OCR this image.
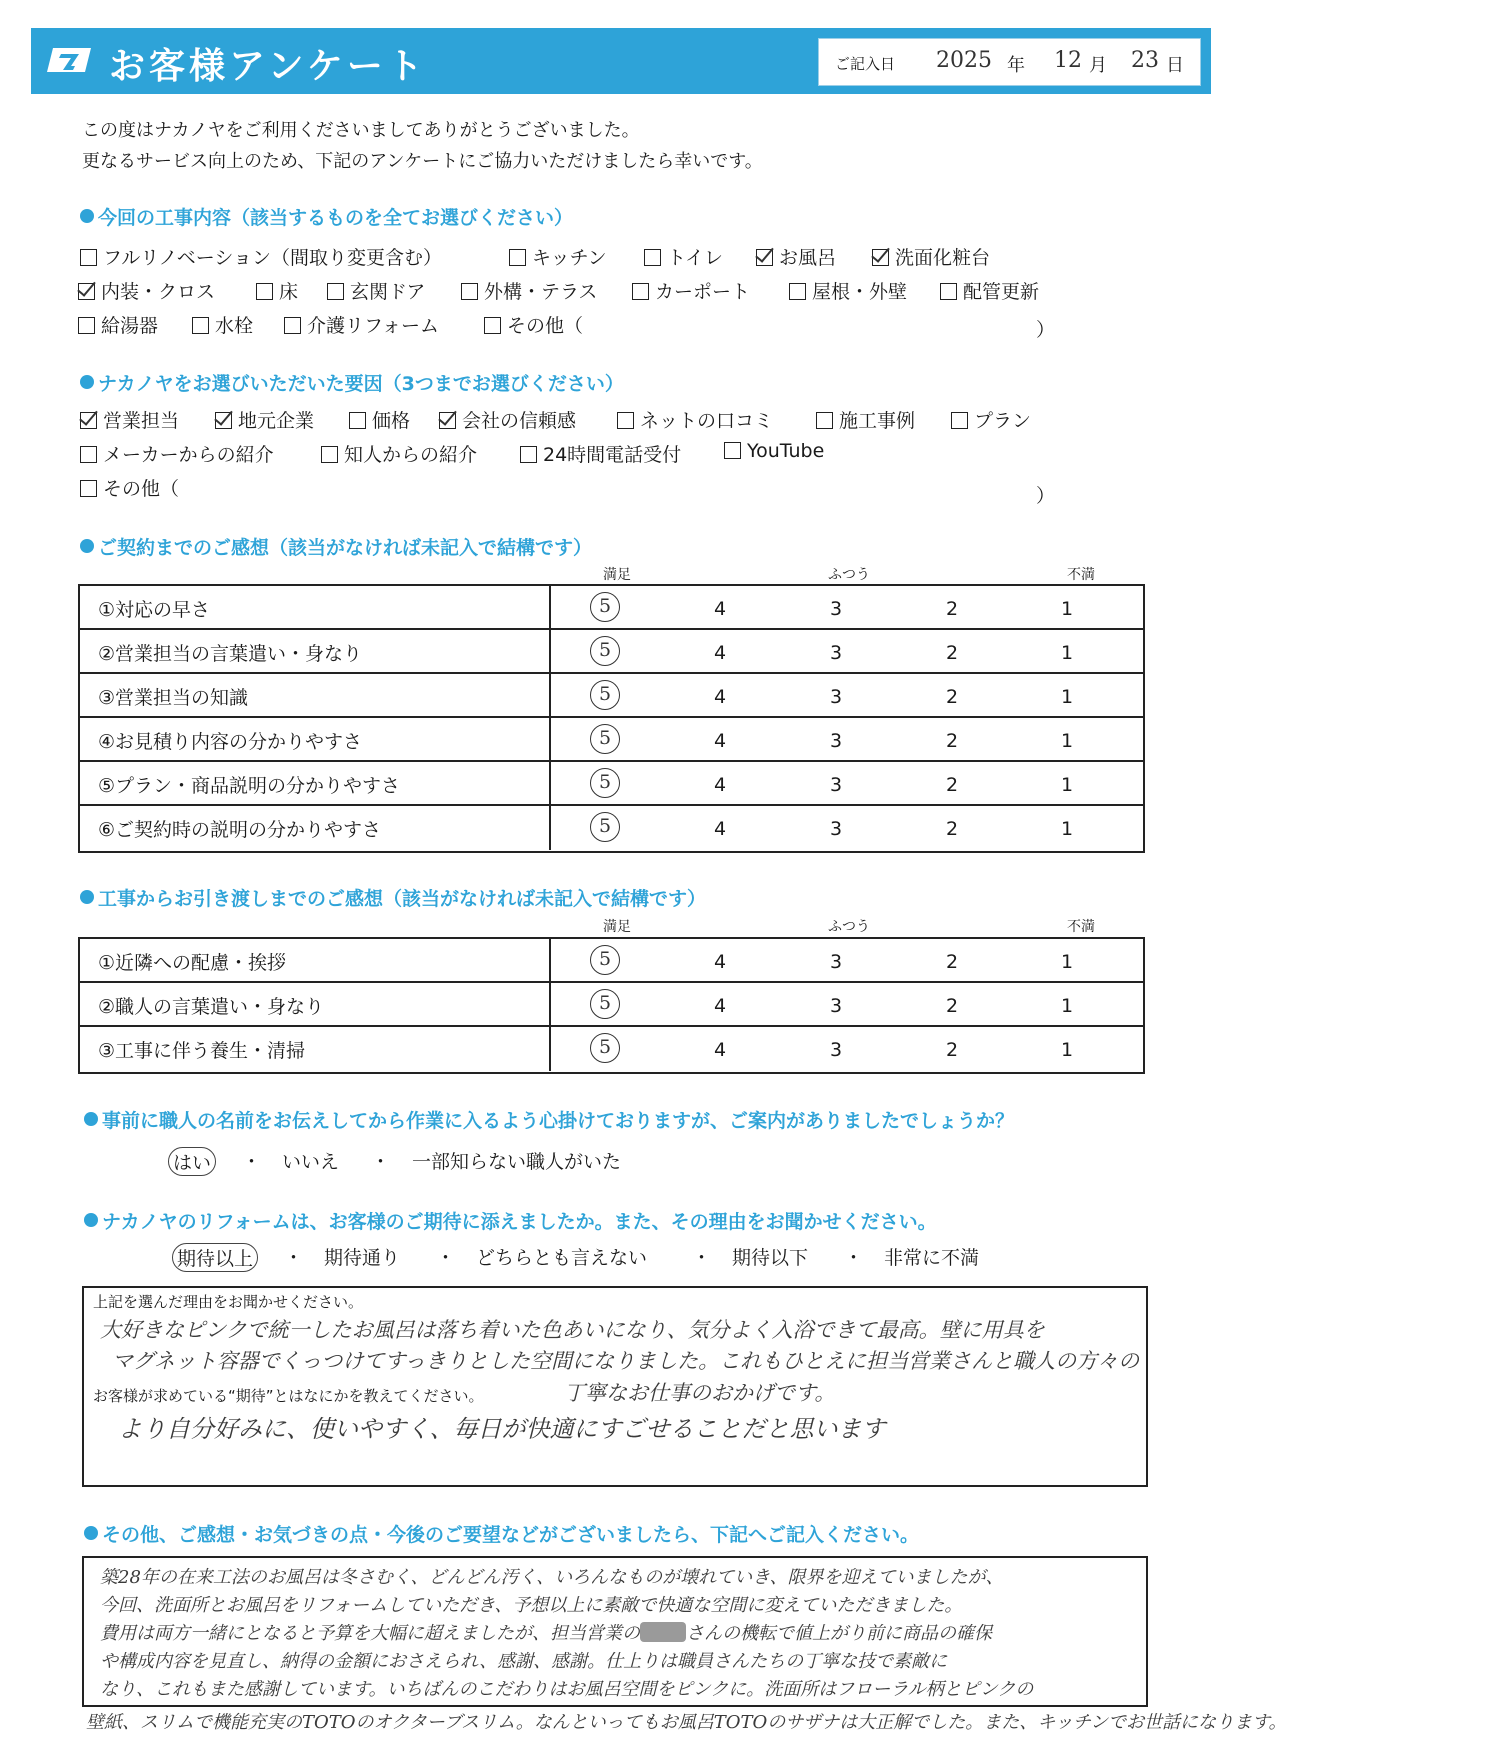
お客様アンケート	ご記入日 2025 年 12 月 23 日
この度はナカノヤをご利用くださいましてありがとうございました。
更なるサービス向上のため、下記のアンケートにご協力いただけましたら幸いです。
今回の工事内容（該当するものを全てお選びください）
フルリノベーション（間取り変更含む）	キッチン	トイレ	お風呂	洗面化粧台
内装・クロス	床	玄関ドア	外構・テラス	カーポート	屋根・外壁	配管更新
給湯器	水栓	介護リフォーム	その他（	）
ナカノヤをお選びいただいた要因（3つまでお選びください）
営業担当	地元企業	価格	会社の信頼感	ネットの口コミ	施工事例	プラン
メーカーからの紹介	知人からの紹介	24時間電話受付	YouTube
その他（	）
ご契約までのご感想（該当がなければ未記入で結構です）
満足	ふつう	不満
①対応の早さ	5	4	3	2	1
②営業担当の言葉遣い・身なり	5	4	3	2	1
③営業担当の知識	5	4	3	2	1
④お見積り内容の分かりやすさ	5	4	3	2	1
⑤プラン・商品説明の分かりやすさ	5	4	3	2	1
⑥ご契約時の説明の分かりやすさ	5	4	3	2	1
工事からお引き渡しまでのご感想（該当がなければ未記入で結構です）
満足	ふつう	不満
①近隣への配慮・挨拶	5	4	3	2	1
②職人の言葉遣い・身なり	5	4	3	2	1
③工事に伴う養生・清掃	5	4	3	2	1
事前に職人の名前をお伝えしてから作業に入るよう心掛けておりますが、ご案内がありましたでしょうか？
はい	いいえ	一部知らない職人がいた
・	・
ナカノヤのリフォームは、お客様のご期待に添えましたか。また、その理由をお聞かせください。
期待以上	期待通り	どちらとも言えない	期待以下	非常に不満
・	・	・	・
上記を選んだ理由をお聞かせください。
大好きなピンクで統一したお風呂は落ち着いた色あいになり、気分よく入浴できて最高。壁に用具を
マグネット容器でくっつけてすっきりとした空間になりました。これもひとえに担当営業さんと職人の方々の
お客様が求めている“期待”とはなにかを教えてください。	丁寧なお仕事のおかげです。
より自分好みに、使いやすく、毎日が快適にすごせることだと思います
その他、ご感想・お気づきの点・今後のご要望などがございましたら、下記へご記入ください。
築28年の在来工法のお風呂は冬さむく、どんどん汚く、いろんなものが壊れていき、限界を迎えていましたが、
今回、洗面所とお風呂をリフォームしていただき、予想以上に素敵で快適な空間に変えていただきました。
費用は両方一緒にとなると予算を大幅に超えましたが、担当営業の	さんの機転で値上がり前に商品の確保
や構成内容を見直し、納得の金額におさえられ、感謝、感謝。仕上りは職員さんたちの丁寧な技で素敵に
なり、これもまた感謝しています。いちばんのこだわりはお風呂空間をピンクに。洗面所はフローラル柄とピンクの
壁紙、スリムで機能充実のTOTOのオクターブスリム。なんといってもお風呂TOTOのサザナは大正解でした。また、キッチンでお世話になります。
